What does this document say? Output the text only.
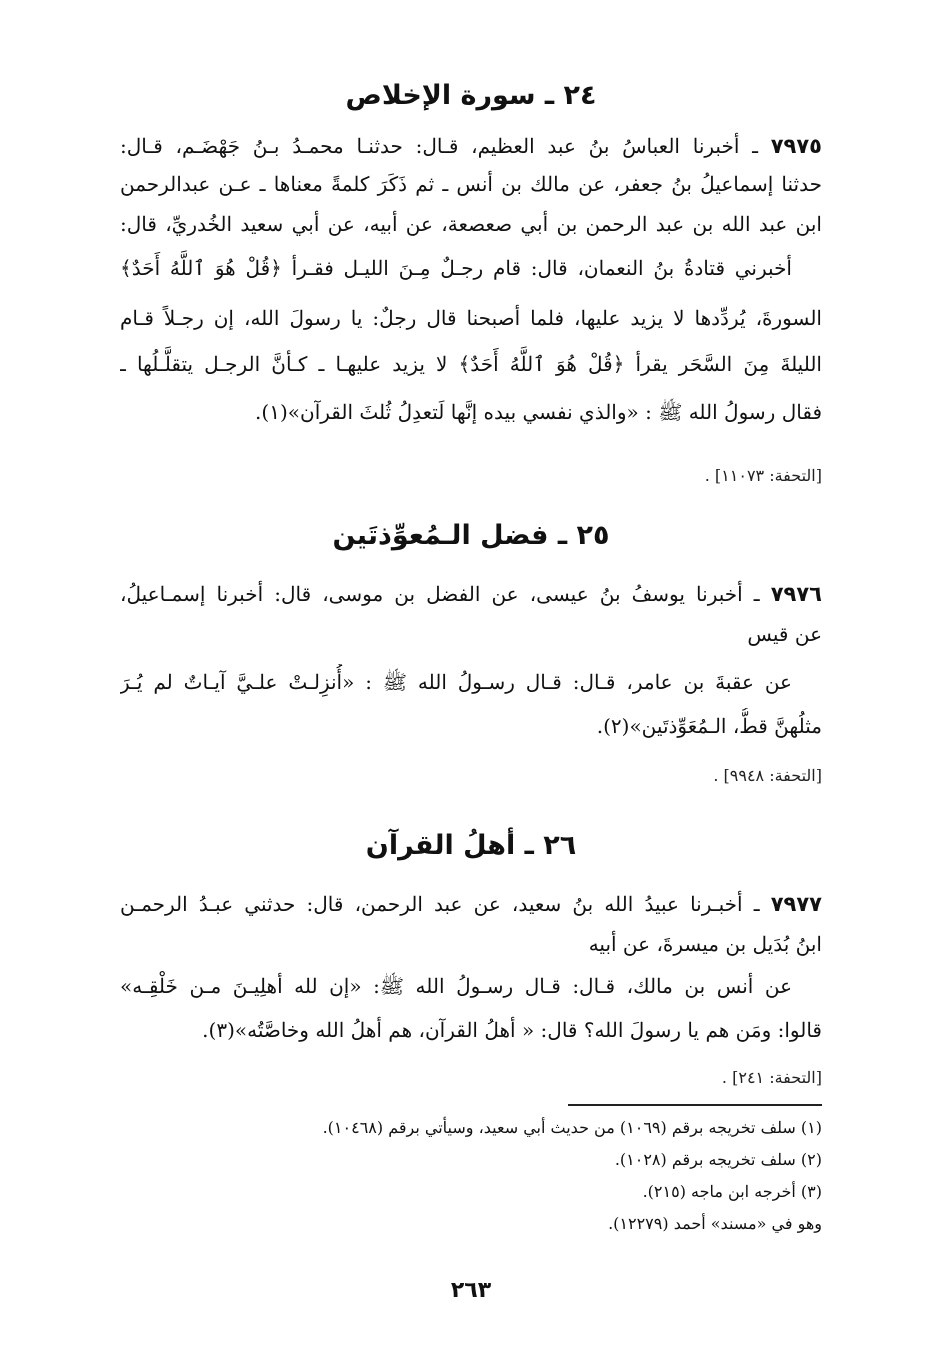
٢٤ ـ سورة الإخلاص
٧٩٧٥ ـ أخبرنا العباسُ بنُ عبد العظيم، قـال: حدثنـا محمـدُ بـنُ جَهْضَـم، قـال:
حدثنا إسماعيلُ بنُ جعفر، عن مالك بن أنس ـ ثم ذَكَرَ كلمةً معناها ـ عـن عبدالرحمن
ابن عبد الله بن عبد الرحمن بن أبي صعصعة، عن أبيه، عن أبي سعيد الخُدريِّ، قال:
أخبرني قتادةُ بنُ النعمان، قال: قام رجـلٌ مِـنَ الليـل فقـرأ ﴿قُلْ هُوَ ٱللَّهُ أَحَدٌ﴾
السورةَ، يُردِّدها لا يزيد عليها، فلما أصبحنا قال رجلٌ: يا رسولَ الله، إن رجـلاً قـام
الليلةَ مِنَ السَّحَر يقرأ ﴿قُلْ هُوَ ٱللَّهُ أَحَدٌ﴾ لا يزيد عليهـا ـ كـأنَّ الرجـل يتقلَّـلُها ـ
فقال رسولُ الله ﷺ : «والذي نفسي بيده إنَّها لَتعدِلُ ثُلثَ القرآن»(١).
[التحفة: ١١٠٧٣] .
٢٥ ـ فضل الـمُعوِّذتَين
٧٩٧٦ ـ أخبرنا يوسفُ بنُ عيسى، عن الفضل بن موسى، قال: أخبرنا إسمـاعيلُ،
عن قيس
عن عقبةَ بن عامر، قـال: قـال رسـولُ الله ﷺ : «أُنزِلـتْ علـيَّ آيـاتٌ لم يُـرَ
مثلُهنَّ قطُّ، الـمُعَوِّذتَين»(٢).
[التحفة: ٩٩٤٨] .
٢٦ ـ أهلُ القرآن
٧٩٧٧ ـ أخبـرنا عبيدُ الله بنُ سعيد، عن عبد الرحمن، قال: حدثني عبـدُ الرحمـن
ابنُ بُدَيل بن ميسرةَ، عن أبيه
عن أنس بن مالك، قـال: قـال رسـولُ الله ﷺ: «إن لله أهلِيـنَ مـن خَلْقِـه»
قالوا: ومَن هم يا رسولَ الله؟ قال: « أهلُ القرآن، هم أهلُ الله وخاصَّتُه»(٣).
[التحفة: ٢٤١] .
(١) سلف تخريجه برقم (١٠٦٩) من حديث أبي سعيد، وسيأتي برقم (١٠٤٦٨).
(٢) سلف تخريجه برقم (١٠٢٨).
(٣) أخرجه ابن ماجه (٢١٥).
وهو في «مسند» أحمد (١٢٢٧٩).
٢٦٣
